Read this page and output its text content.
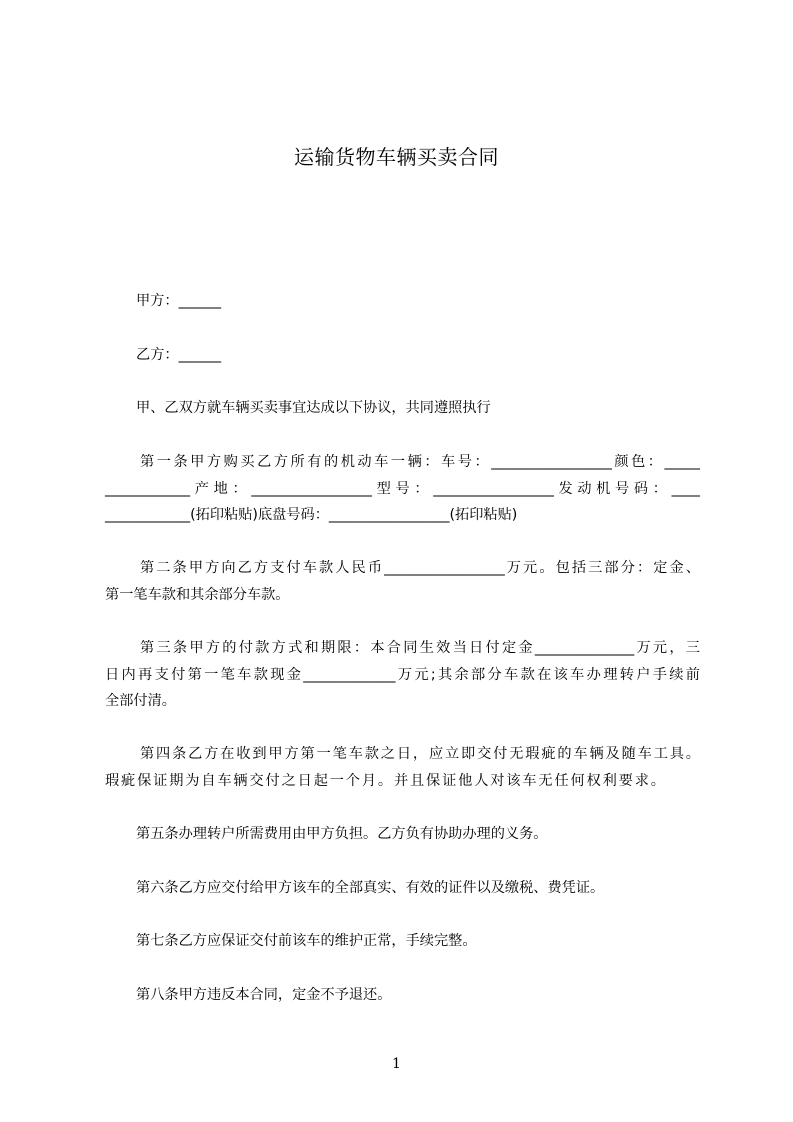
运输货物车辆买卖合同
甲方：______
乙方：______
甲、乙双方就车辆买卖事宜达成以下协议，共同遵照执行
第一条甲方购买乙方所有的机动车一辆：车号：_________________颜色：_____
____________产地：_________________型号：_________________发动机号码：____
____________(拓印粘贴)底盘号码：_________________(拓印粘贴)
第二条甲方向乙方支付车款人民币_________________万元。包括三部分：定金、
第一笔车款和其余部分车款。
第三条甲方的付款方式和期限：本合同生效当日付定金______________万元，三
日内再支付第一笔车款现金_____________万元;其余部分车款在该车办理转户手续前
全部付清。
第四条乙方在收到甲方第一笔车款之日，应立即交付无瑕疵的车辆及随车工具。
瑕疵保证期为自车辆交付之日起一个月。并且保证他人对该车无任何权利要求。
第五条办理转户所需费用由甲方负担。乙方负有协助办理的义务。
第六条乙方应交付给甲方该车的全部真实、有效的证件以及缴税、费凭证。
第七条乙方应保证交付前该车的维护正常，手续完整。
第八条甲方违反本合同，定金不予退还。
1
